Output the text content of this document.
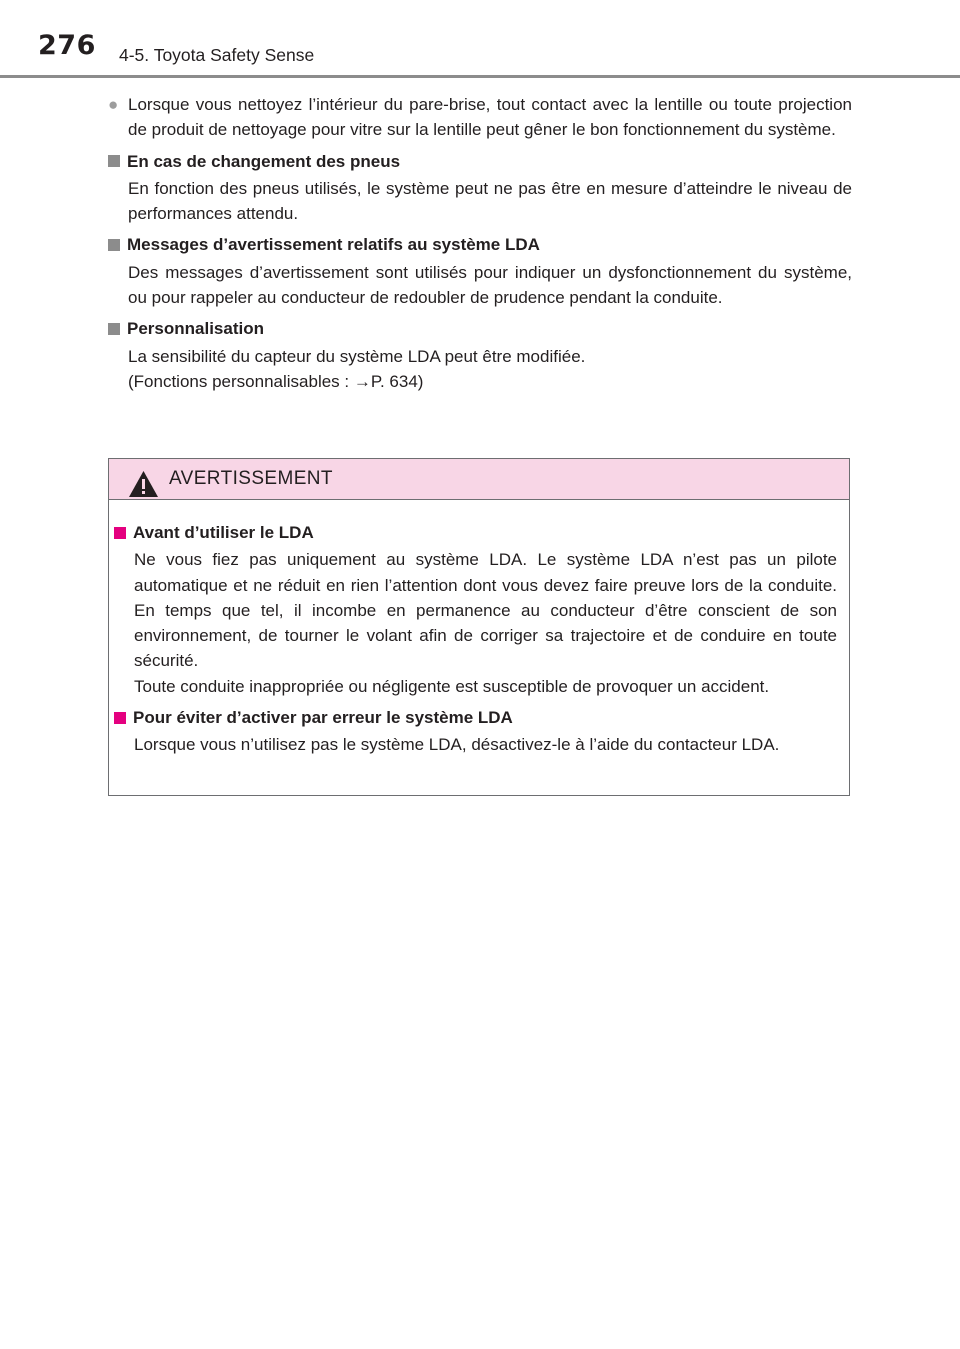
276 4-5. Toyota Safety Sense
● Lorsque vous nettoyez l’intérieur du pare-brise, tout contact avec la lentille ou toute projection de produit de nettoyage pour vitre sur la lentille peut gêner le bon fonctionnement du système.
En cas de changement des pneus
En fonction des pneus utilisés, le système peut ne pas être en mesure d’atteindre le niveau de performances attendu.
Messages d’avertissement relatifs au système LDA
Des messages d’avertissement sont utilisés pour indiquer un dysfonctionnement du système, ou pour rappeler au conducteur de redoubler de prudence pendant la conduite.
Personnalisation
La sensibilité du capteur du système LDA peut être modifiée.
(Fonctions personnalisables : →P. 634)
AVERTISSEMENT
Avant d’utiliser le LDA
Ne vous fiez pas uniquement au système LDA. Le système LDA n’est pas un pilote automatique et ne réduit en rien l’attention dont vous devez faire preuve lors de la conduite. En temps que tel, il incombe en permanence au conducteur d’être conscient de son environnement, de tourner le volant afin de corriger sa trajectoire et de conduire en toute sécurité.
Toute conduite inappropriée ou négligente est susceptible de provoquer un accident.
Pour éviter d’activer par erreur le système LDA
Lorsque vous n’utilisez pas le système LDA, désactivez-le à l’aide du contacteur LDA.
